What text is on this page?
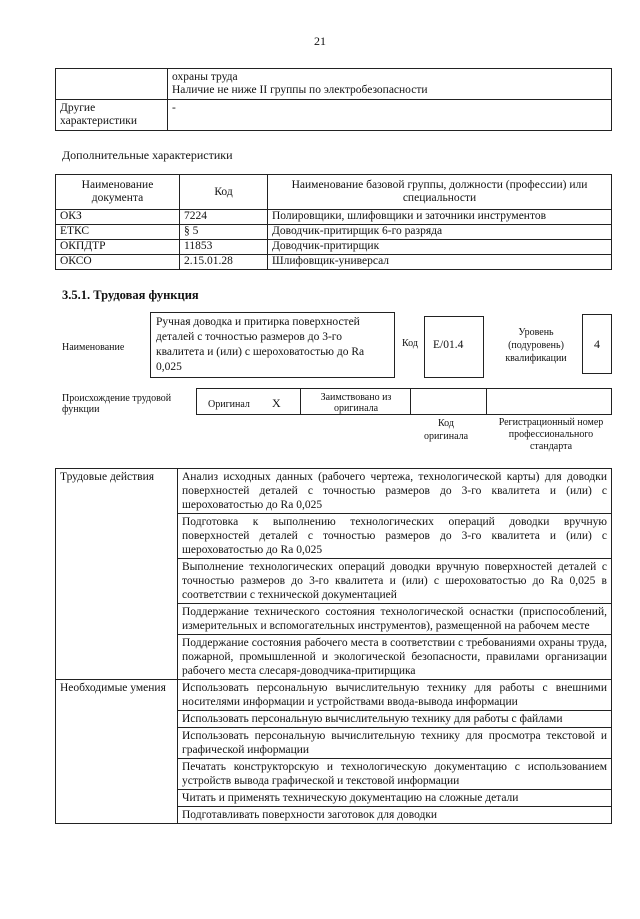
21

	охраны труда
Наличие не ниже II группы по электробезопасности

Другие характеристики	-
Дополнительные характеристики
Наименование документа	Код	Наименование базовой группы, должности (профессии) или специальности
ОКЗ	7224	Полировщики, шлифовщики и заточники инструментов
ЕТКС	§ 5	Доводчик-притирщик 6-го разряда
ОКПДТР	11853	Доводчик-притирщик
ОКСО	2.15.01.28	Шлифовщик-универсал
3.5.1. Трудовая функция
Наименование
Ручная доводка и притирка поверхностей деталей с точностью размеров до 3-го квалитета и (или) с шероховатостью до Ra 0,025
Код	E/01.4
Уровень (подуровень) квалификации
4
Происхождение трудовой функции	Оригинал X	Заимствовано из оригинала
Код оригинала
Регистрационный номер профессионального стандарта
Трудовые действия	Анализ исходных данных (рабочего чертежа, технологической карты) для доводки поверхностей деталей с точностью размеров до 3-го квалитета и (или) с шероховатостью до Ra 0,025
	Подготовка к выполнению технологических операций доводки вручную поверхностей деталей с точностью размеров до 3-го квалитета и (или) с шероховатостью до Ra 0,025
	Выполнение технологических операций доводки вручную поверхностей деталей с точностью размеров до 3-го квалитета и (или) с шероховатостью до Ra 0,025 в соответствии с технической документацией
	Поддержание технического состояния технологической оснастки (приспособлений, измерительных и вспомогательных инструментов), размещенной на рабочем месте
	Поддержание состояния рабочего места в соответствии с требованиями охраны труда, пожарной, промышленной и экологической безопасности, правилами организации рабочего места слесаря-доводчика-притирщика
Необходимые умения	Использовать персональную вычислительную технику для работы с внешними носителями информации и устройствами ввода-вывода информации
	Использовать персональную вычислительную технику для работы с файлами
	Использовать персональную вычислительную технику для просмотра текстовой и графической информации
	Печатать конструкторскую и технологическую документацию с использованием устройств вывода графической и текстовой информации
	Читать и применять техническую документацию на сложные детали
	Подготавливать поверхности заготовок для доводки
